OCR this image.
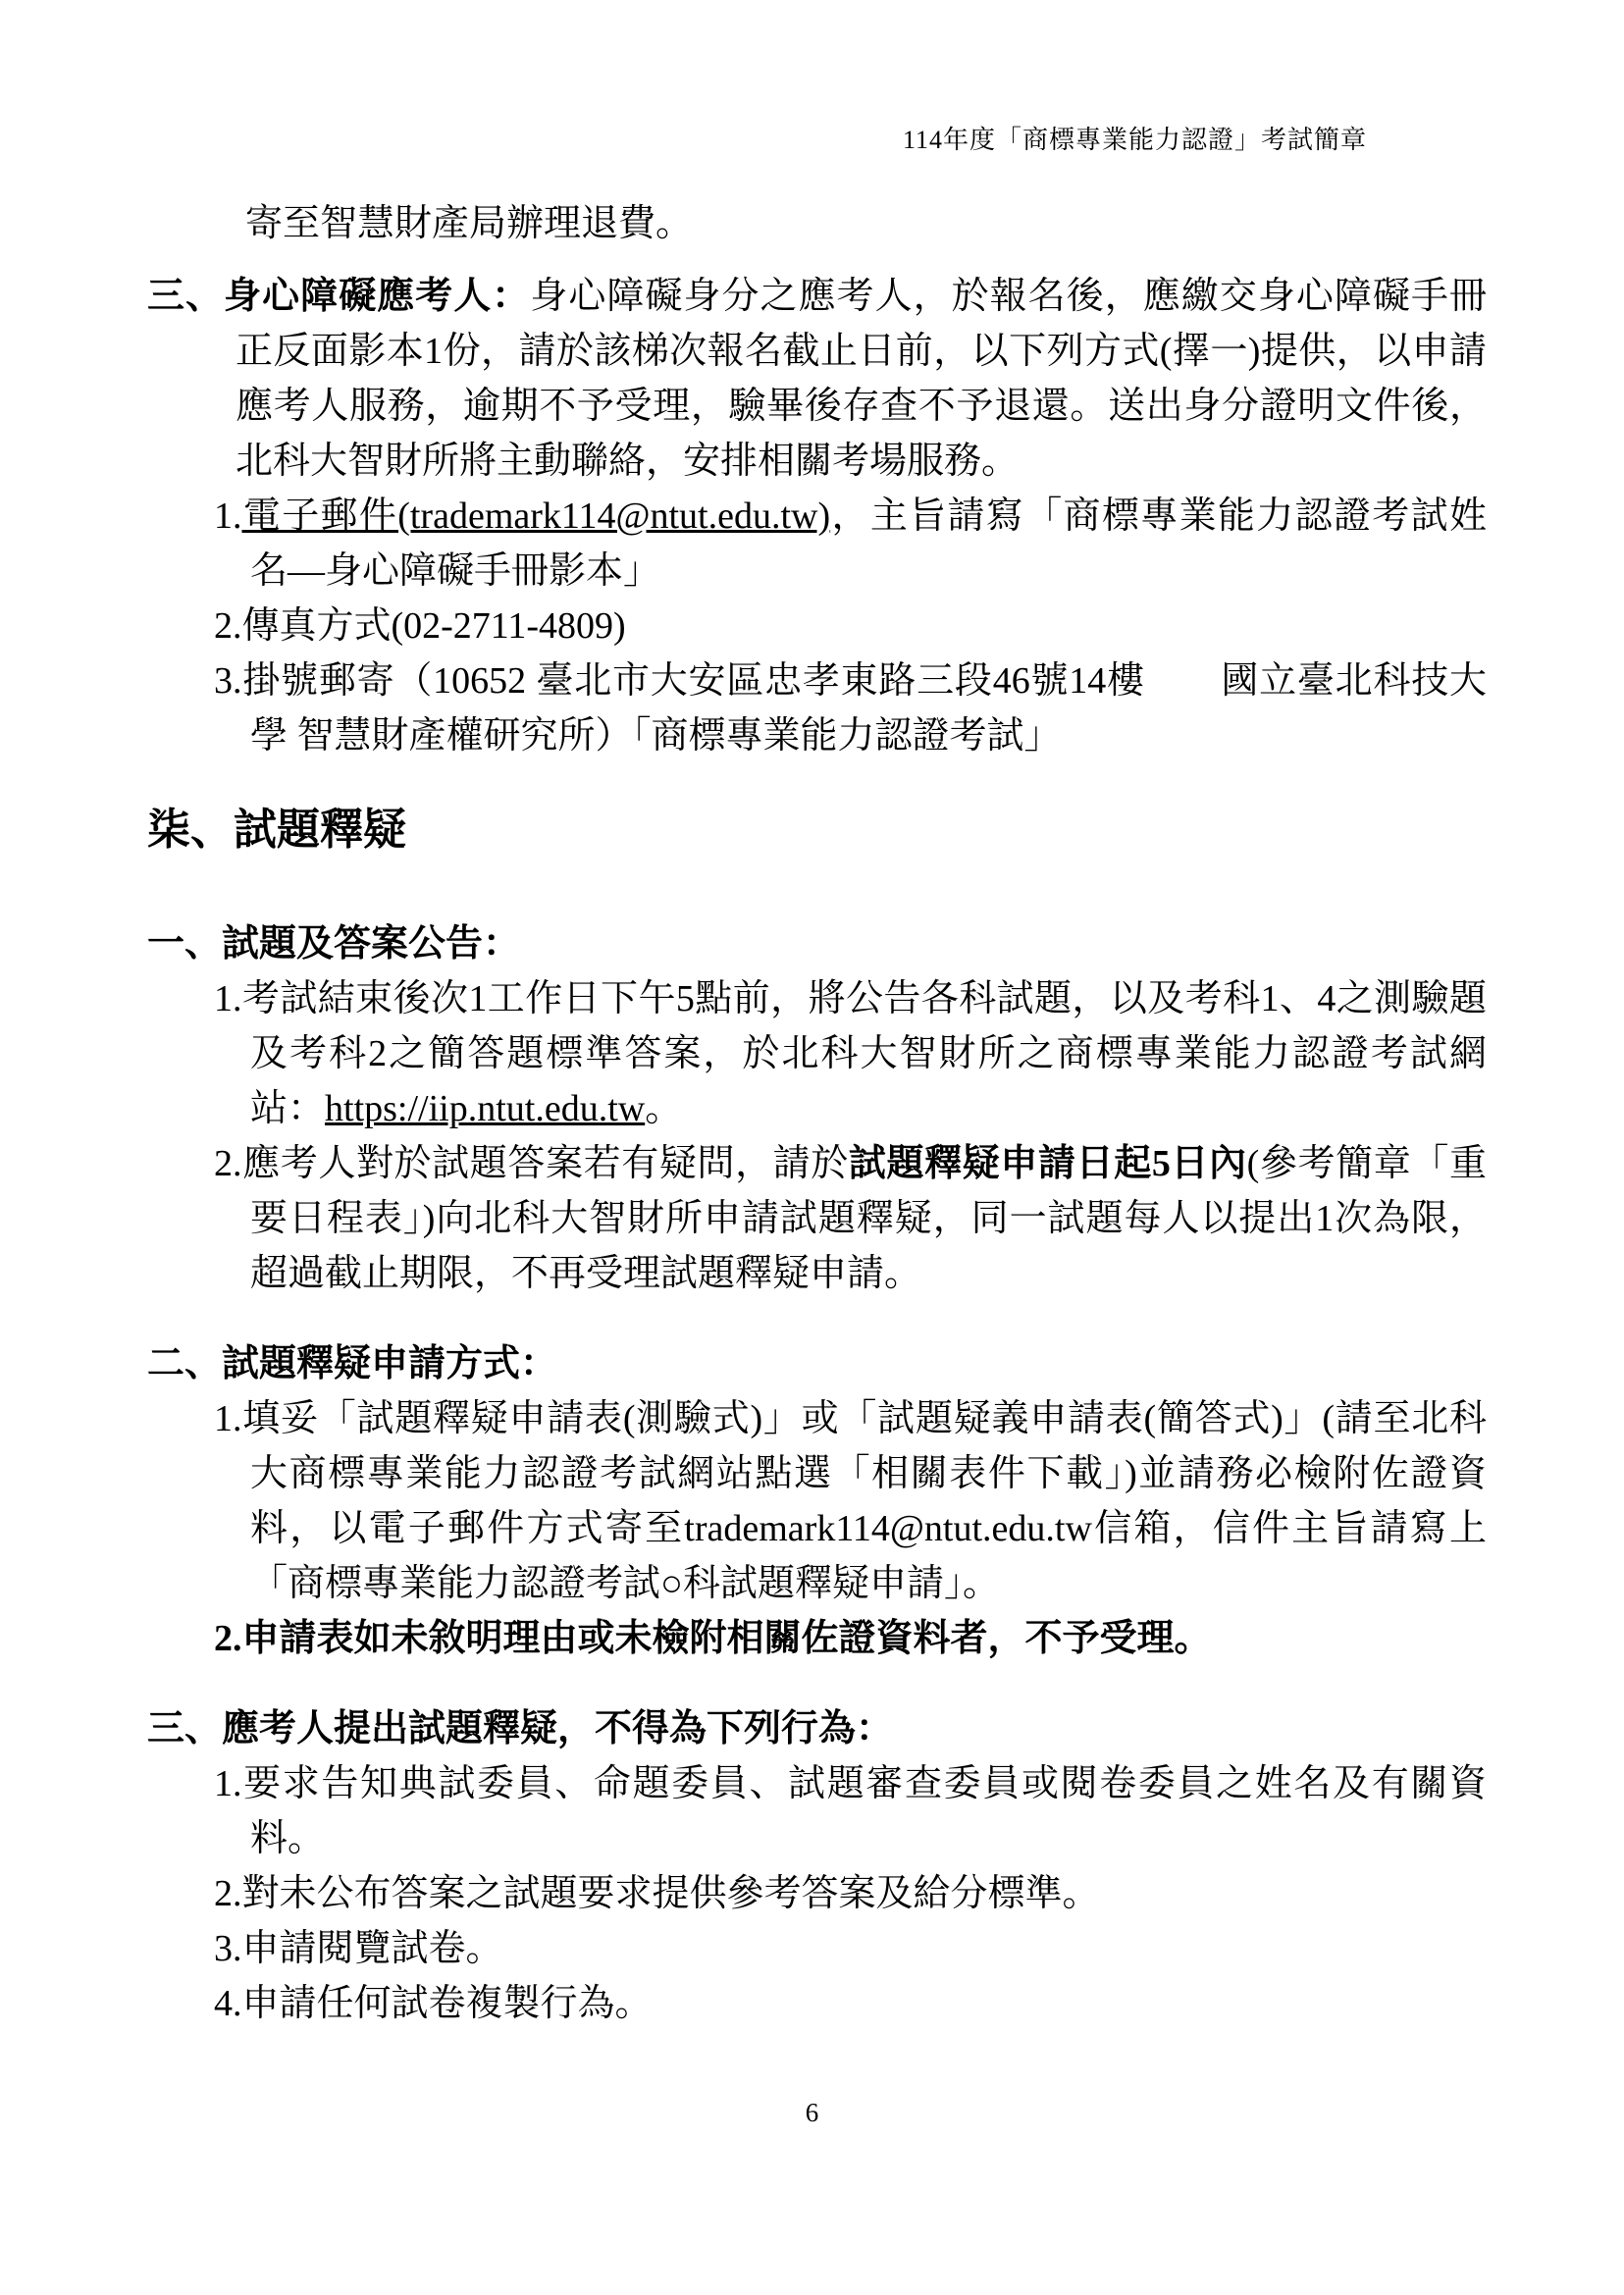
114年度「商標專業能力認證」考試簡章
寄至智慧財產局辦理退費。
三、身心障礙應考人：身心障礙身分之應考人，於報名後，應繳交身心障礙手冊正反面影本1份，請於該梯次報名截止日前，以下列方式(擇一)提供，以申請應考人服務，逾期不予受理，驗畢後存查不予退還。送出身分證明文件後，北科大智財所將主動聯絡，安排相關考場服務。
1.電子郵件(trademark114@ntut.edu.tw)，主旨請寫「商標專業能力認證考試姓名—身心障礙手冊影本」
2.傳真方式(02-2711-4809)
3.掛號郵寄（10652 臺北市大安區忠孝東路三段46號14樓　　國立臺北科技大學 智慧財產權研究所）「商標專業能力認證考試」
柒、試題釋疑
一、試題及答案公告：
1.考試結束後次1工作日下午5點前，將公告各科試題，以及考科1、4之測驗題及考科2之簡答題標準答案，於北科大智財所之商標專業能力認證考試網站：https://iip.ntut.edu.tw。
2.應考人對於試題答案若有疑問，請於試題釋疑申請日起5日內(參考簡章「重要日程表」)向北科大智財所申請試題釋疑，同一試題每人以提出1次為限，超過截止期限，不再受理試題釋疑申請。
二、試題釋疑申請方式：
1.填妥「試題釋疑申請表(測驗式)」或「試題疑義申請表(簡答式)」(請至北科大商標專業能力認證考試網站點選「相關表件下載」)並請務必檢附佐證資料，以電子郵件方式寄至trademark114@ntut.edu.tw信箱，信件主旨請寫上「商標專業能力認證考試○科試題釋疑申請」。
2.申請表如未敘明理由或未檢附相關佐證資料者，不予受理。
三、應考人提出試題釋疑，不得為下列行為：
1.要求告知典試委員、命題委員、試題審查委員或閱卷委員之姓名及有關資料。
2.對未公布答案之試題要求提供參考答案及給分標準。
3.申請閱覽試卷。
4.申請任何試卷複製行為。
6
